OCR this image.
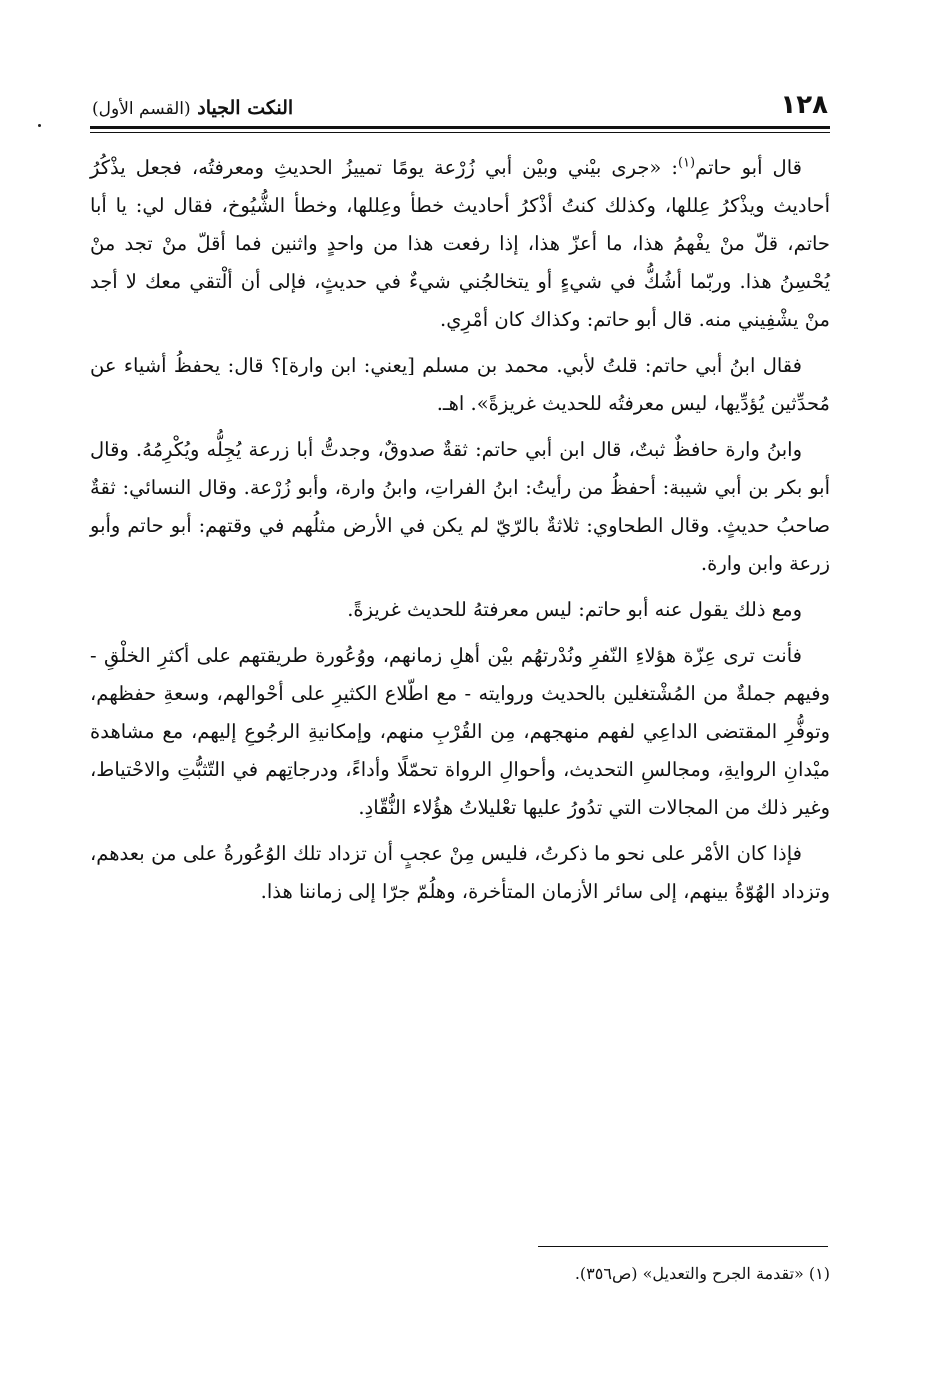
١٢٨
النكت الجياد (القسم الأول)

قال أبو حاتم$^{(١)}$: «جرى بيْني وبيْن أبي زُرْعة يومًا تمييزُ الحديثِ ومعرفتُه، فجعل يذْكُرُ أحاديث ويذْكرُ عِللها، وكذلك كنتُ أذْكرُ أحاديث خطأ وعِللها، وخطأ الشُّيُوخ، فقال لي: يا أبا حاتم، قلّ منْ يفْهمُ هذا، ما أعزّ هذا، إذا رفعت هذا من واحدٍ واثنين فما أقلّ منْ تجد منْ يُحْسِنُ هذا. وربّما أشُكُّ في شيءٍ أو يتخالجُني شيءٌ في حديثٍ، فإلى أن ألْتقي معك لا أجد منْ يشْفِيني منه. قال أبو حاتم: وكذاك كان أمْرِي.

فقال ابنُ أبي حاتم: قلتُ لأبي. محمد بن مسلم [يعني: ابن وارة]؟ قال: يحفظُ أشياء عن مُحدِّثين يُؤدِّيها، ليس معرفتُه للحديث غريزةً». اهـ.

وابنُ وارة حافظٌ ثبتٌ، قال ابن أبي حاتم: ثقةٌ صدوقٌ، وجدتُّ أبا زرعة يُجِلُّه ويُكْرِمُهُ. وقال أبو بكر بن أبي شيبة: أحفظُ من رأيتُ: ابنُ الفراتِ، وابنُ وارة، وأبو زُرْعة. وقال النسائي: ثقةٌ صاحبُ حديثٍ. وقال الطحاوي: ثلاثةٌ بالرّيّ لم يكن في الأرض مثلُهم في وقتهم: أبو حاتم وأبو زرعة وابن وارة.

ومع ذلك يقول عنه أبو حاتم: ليس معرفتهُ للحديث غريزةً.

فأنت ترى عِزّة هؤلاءِ النّفرِ ونُدْرتهُم بيْن أهلِ زمانهم، ووُعُورة طريقتهم على أكثرِ الخلْقِ - وفيهم جملةٌ من المُشْتغلين بالحديث وروايته - مع اطّلاع الكثيرِ على أحْوالهم، وسعةِ حفظهم، وتوفُّرِ المقتضى الداعِي لفهم منهجهم، مِن القُرْبِ منهم، وإمكانيةِ الرجُوعِ إليهم، مع مشاهدة ميْدانِ الروايةِ، ومجالسِ التحديث، وأحوالِ الرواة تحمّلًا وأداءً، ودرجاتِهم في التّثبُّتِ والاحْتياط، وغير ذلك من المجالات التي تدُورُ عليها تعْليلاتُ هؤُلاء النُّقّادِ.

فإذا كان الأمْر على نحو ما ذكرتُ، فليس مِنْ عجبٍ أن تزداد تلك الوُعُورةُ على من بعدهم، وتزداد الهُوّةُ بينهم، إلى سائر الأزمان المتأخرة، وهلُمّ جرّا إلى زماننا هذا.

(١) «تقدمة الجرح والتعديل» (ص٣٥٦).
